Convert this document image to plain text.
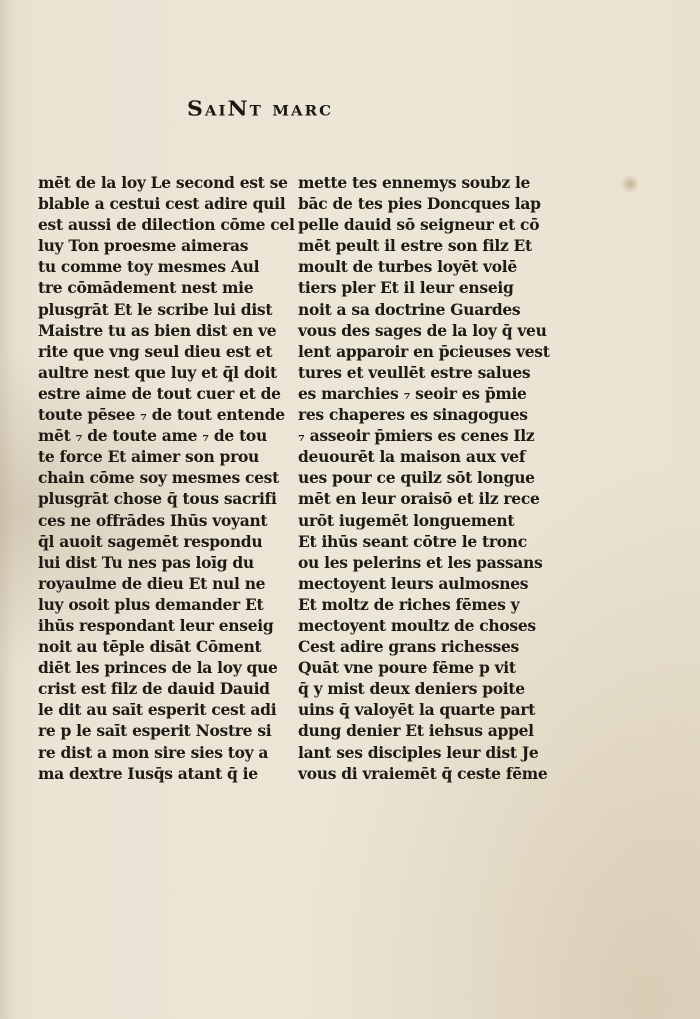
SaiNt marc
mēt de la loy Le second est se
blable a cestui cest adire quil
est aussi de dilection cōme cel
luy Ton proesme aimeras
tu comme toy mesmes Aul
tre cōmādement nest mie
plusgrāt Et le scribe lui dist
Maistre tu as bien dist en ve
rite que vng seul dieu est et
aultre nest que luy et q̄l doit
estre aime de tout cuer et de
toute pēsee ₇ de tout entende
mēt ₇ de toute ame ₇ de tou
te force Et aimer son prou
chain cōme soy mesmes cest
plusgrāt chose q̄ tous sacrifi
ces ne offrādes Ihūs voyant
q̄l auoit sagemēt respondu
lui dist Tu nes pas loīg du
royaulme de dieu Et nul ne
luy osoit plus demander Et
ihūs respondant leur enseig
noit au tēple disāt Cōment
diēt les princes de la loy que
crist est filz de dauid Dauid
le dit au saīt esperit cest adi
re p le saīt esperit Nostre si
re dist a mon sire sies toy a
ma dextre Iusq̄s atant q̄ ie
mette tes ennemys soubz le
bāc de tes pies Doncques lap
pelle dauid sō seigneur et cō
mēt peult il estre son filz Et
moult de turbes loyēt volē
tiers pler Et il leur enseig
noit a sa doctrine Guardes
vous des sages de la loy q̄ veu
lent apparoir en p̄cieuses vest
tures et veullēt estre salues
es marchies ₇ seoir es p̄mie
res chaperes es sinagogues
₇ asseoir p̄miers es cenes Ilz
deuourēt la maison aux vef
ues pour ce quilz sōt longue
mēt en leur oraisō et ilz rece
urōt iugemēt longuement
Et ihūs seant cōtre le tronc
ou les pelerins et les passans
mectoyent leurs aulmosnes
Et moltz de riches fēmes y
mectoyent moultz de choses
Cest adire grans richesses
Quāt vne poure fēme p vit
q̄ y mist deux deniers poite
uins q̄ valoyēt la quarte part
dung denier Et iehsus appel
lant ses disciples leur dist Je
vous di vraiemēt q̄ ceste fēme
